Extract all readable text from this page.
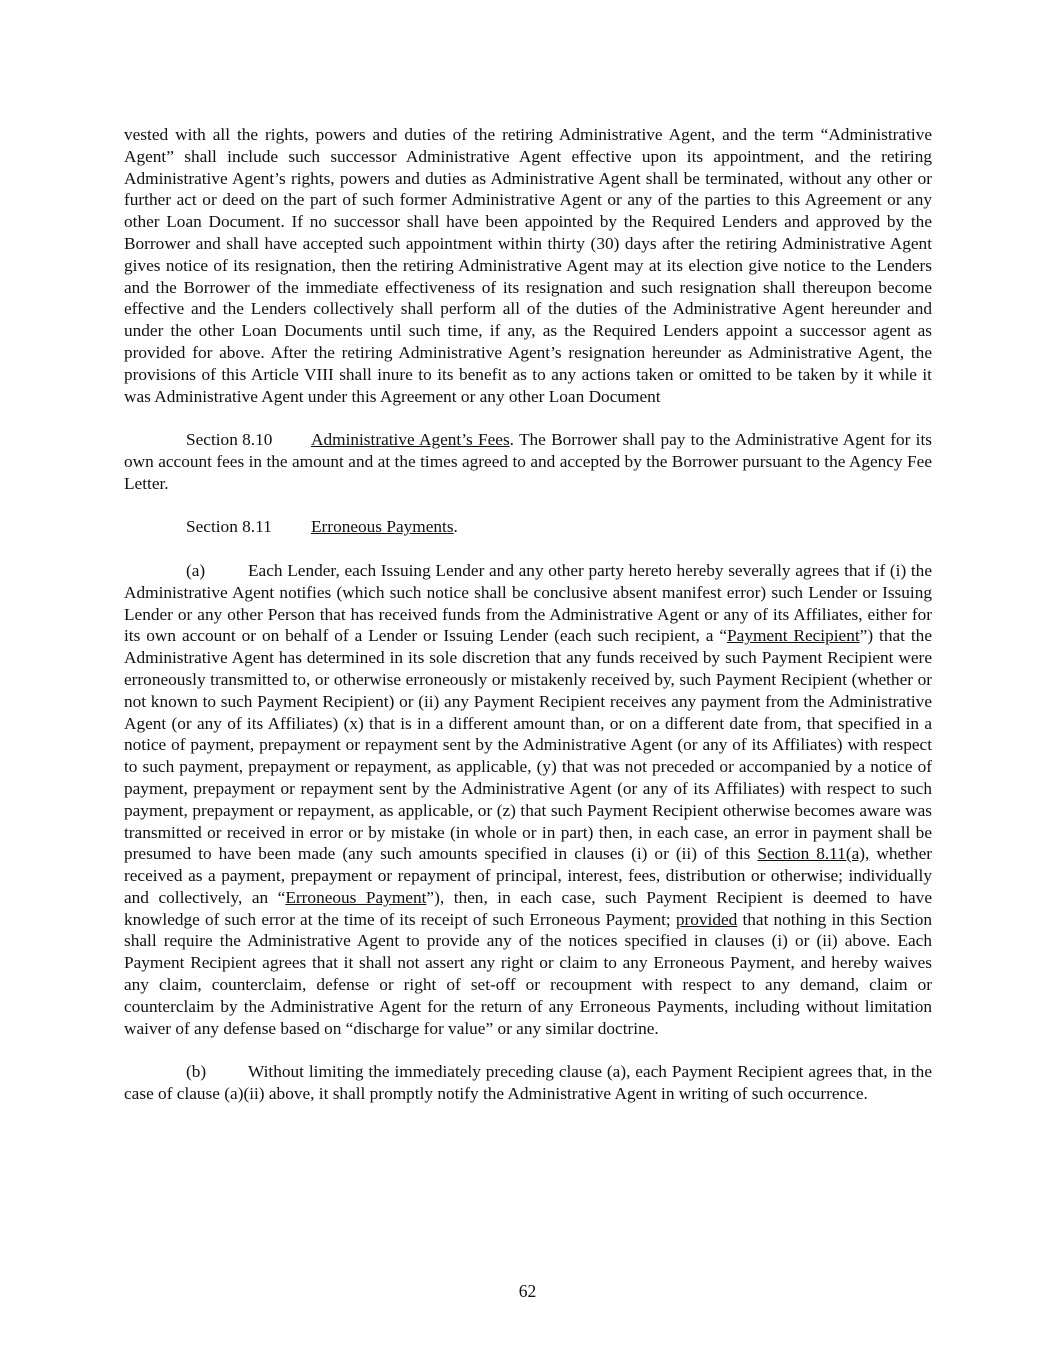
vested with all the rights, powers and duties of the retiring Administrative Agent, and the term “Administrative Agent” shall include such successor Administrative Agent effective upon its appointment, and the retiring Administrative Agent’s rights, powers and duties as Administrative Agent shall be terminated, without any other or further act or deed on the part of such former Administrative Agent or any of the parties to this Agreement or any other Loan Document. If no successor shall have been appointed by the Required Lenders and approved by the Borrower and shall have accepted such appointment within thirty (30) days after the retiring Administrative Agent gives notice of its resignation, then the retiring Administrative Agent may at its election give notice to the Lenders and the Borrower of the immediate effectiveness of its resignation and such resignation shall thereupon become effective and the Lenders collectively shall perform all of the duties of the Administrative Agent hereunder and under the other Loan Documents until such time, if any, as the Required Lenders appoint a successor agent as provided for above. After the retiring Administrative Agent’s resignation hereunder as Administrative Agent, the provisions of this Article VIII shall inure to its benefit as to any actions taken or omitted to be taken by it while it was Administrative Agent under this Agreement or any other Loan Document

Section 8.10 Administrative Agent’s Fees. The Borrower shall pay to the Administrative Agent for its own account fees in the amount and at the times agreed to and accepted by the Borrower pursuant to the Agency Fee Letter.

Section 8.11 Erroneous Payments.

(a) Each Lender, each Issuing Lender and any other party hereto hereby severally agrees that if (i) the Administrative Agent notifies (which such notice shall be conclusive absent manifest error) such Lender or Issuing Lender or any other Person that has received funds from the Administrative Agent or any of its Affiliates, either for its own account or on behalf of a Lender or Issuing Lender (each such recipient, a “Payment Recipient”) that the Administrative Agent has determined in its sole discretion that any funds received by such Payment Recipient were erroneously transmitted to, or otherwise erroneously or mistakenly received by, such Payment Recipient (whether or not known to such Payment Recipient) or (ii) any Payment Recipient receives any payment from the Administrative Agent (or any of its Affiliates) (x) that is in a different amount than, or on a different date from, that specified in a notice of payment, prepayment or repayment sent by the Administrative Agent (or any of its Affiliates) with respect to such payment, prepayment or repayment, as applicable, (y) that was not preceded or accompanied by a notice of payment, prepayment or repayment sent by the Administrative Agent (or any of its Affiliates) with respect to such payment, prepayment or repayment, as applicable, or (z) that such Payment Recipient otherwise becomes aware was transmitted or received in error or by mistake (in whole or in part) then, in each case, an error in payment shall be presumed to have been made (any such amounts specified in clauses (i) or (ii) of this Section 8.11(a), whether received as a payment, prepayment or repayment of principal, interest, fees, distribution or otherwise; individually and collectively, an “Erroneous Payment”), then, in each case, such Payment Recipient is deemed to have knowledge of such error at the time of its receipt of such Erroneous Payment; provided that nothing in this Section shall require the Administrative Agent to provide any of the notices specified in clauses (i) or (ii) above. Each Payment Recipient agrees that it shall not assert any right or claim to any Erroneous Payment, and hereby waives any claim, counterclaim, defense or right of set-off or recoupment with respect to any demand, claim or counterclaim by the Administrative Agent for the return of any Erroneous Payments, including without limitation waiver of any defense based on “discharge for value” or any similar doctrine.

(b) Without limiting the immediately preceding clause (a), each Payment Recipient agrees that, in the case of clause (a)(ii) above, it shall promptly notify the Administrative Agent in writing of such occurrence.

62
